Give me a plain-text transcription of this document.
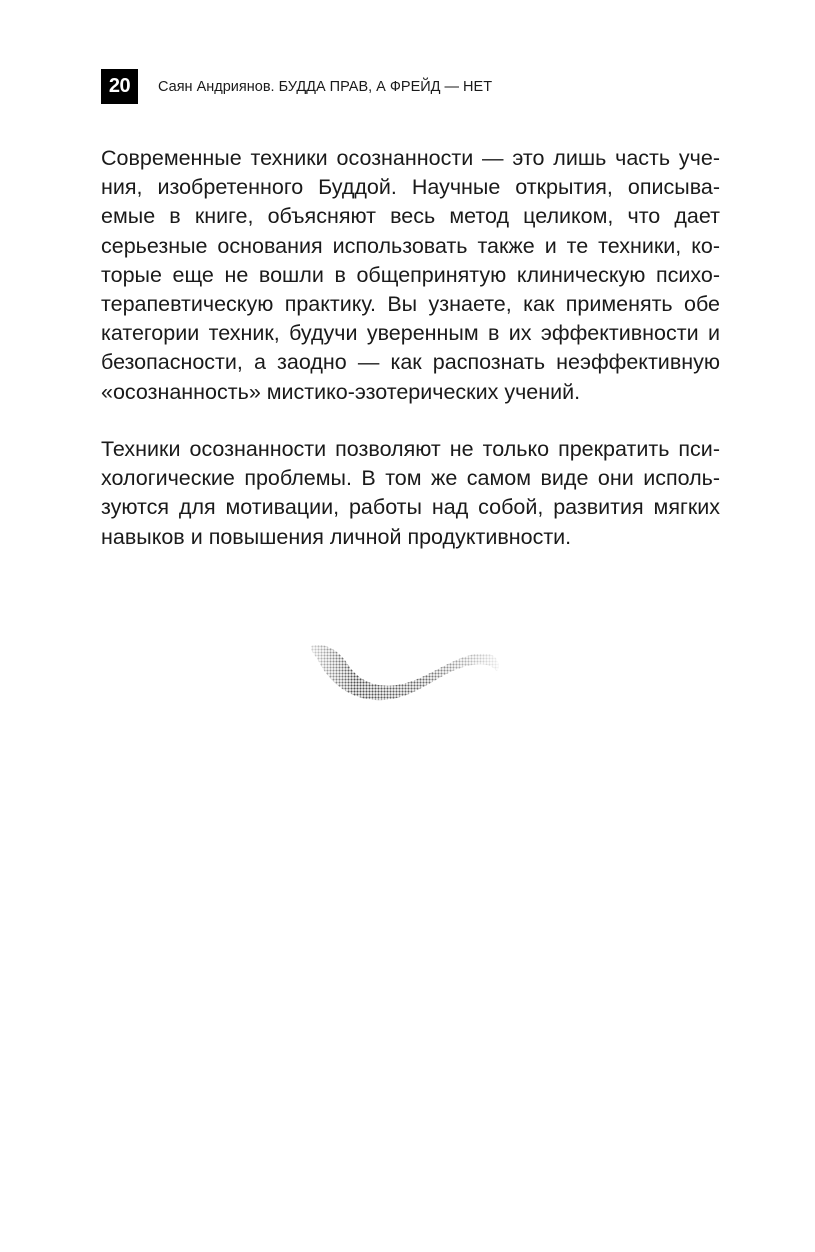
20	Саян Андриянов. БУДДА ПРАВ, А ФРЕЙД — НЕТ

Современные техники осознанности — это лишь часть учения, изобретенного Буддой. Научные открытия, описываемые в книге, объясняют весь метод целиком, что дает серьезные основания использовать также и те техники, которые еще не вошли в общепринятую клиническую психотерапевтическую практику. Вы узнаете, как применять обе категории техник, будучи уверенным в их эффективности и безопасности, а заодно — как распознать неэффективную «осознанность» мистико-эзотерических учений.

Техники осознанности позволяют не только прекратить психологические проблемы. В том же самом виде они используются для мотивации, работы над собой, развития мягких навыков и повышения личной продуктивности.
